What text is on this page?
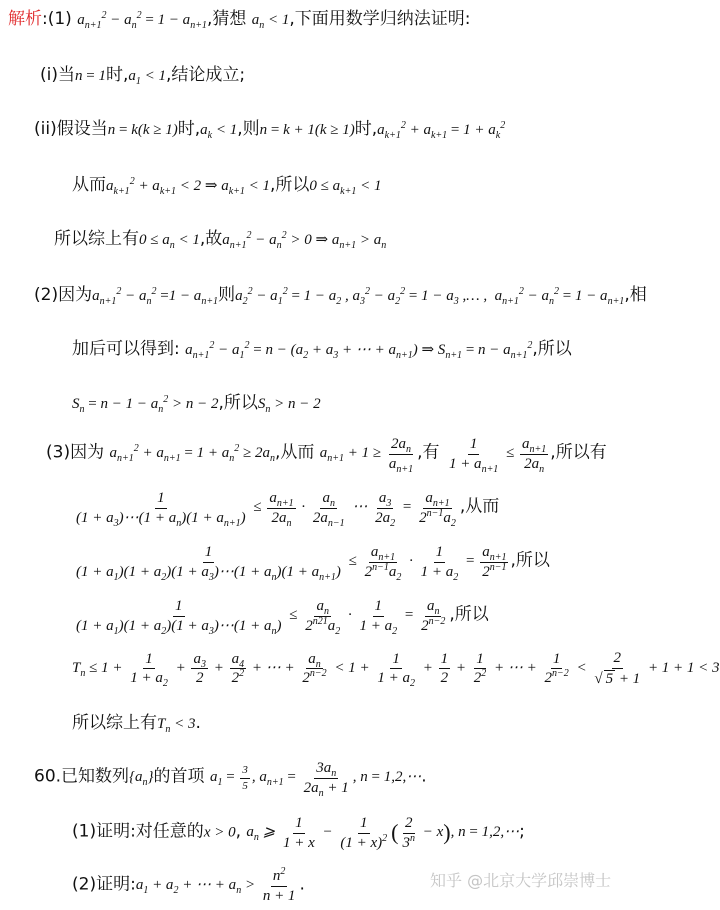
解析:(1) $a_{n+1}^2 - a_n^2 = 1 - a_{n+1}$,猜想 $a_n < 1$,下面用数学归纳法证明:
(i)当n = 1时$,a_1 < 1$,结论成立;
(ii)假设当n = k(k ≥ 1)时$,a_k < 1$,则n = k + 1(k ≥ 1)时$,a_{k+1}^2 + a_{k+1} = 1 + a_k^2$
从而$a_{k+1}^2 + a_{k+1} < 2$ ⇒ $a_{k+1} < 1$,所以$0 \le a_{k+1} < 1$
所以综上有$0 \le a_n < 1$,故$a_{n+1}^2 - a_n^2 > 0$ ⇒ $a_{n+1} > a_n$
(2)因为$a_{n+1}^2 - a_n^2 =1 - a_{n+1}$则$a_2^2 - a_1^2 = 1 - a_2$ , $a_3^2 - a_2^2 = 1 - a_3$ ,… ,  $a_{n+1}^2 - a_n^2 = 1 - a_{n+1}$,相
加后可以得到: $a_{n+1}^2 - a_1^2 = n - (a_2 + a_3$ + ⋯ + $a_{n+1}$) ⇒ $S_{n+1} = n - a_{n+1}^2$,所以
$S_n = n - 1 - a_n^2 > n - 2$,所以$S_n > n - 2$
(3)因为 $a_{n+1}^2 + a_{n+1} = 1 + a_n^2 \ge 2a_n$,从而 $a_{n+1} + 1 \ge \frac{2a_n}{a_{n+1}}$ ,有 $\frac{1}{1 + a_{n+1}} \le \frac{a_{n+1}}{2a_n}$ ,所以有
$\frac{1}{(1 + a_3)\cdots(1 + a_n)(1 + a_{n+1})} \le \frac{a_{n+1}}{2a_n} \cdot \frac{a_n}{2a_{n-1}}$ ⋯ $\frac{a_3}{2a_2} = \frac{a_{n+1}}{2^{n-1}a_2}$ ,从而
$\frac{1}{(1 + a_1)(1 + a_2)(1 + a_3)\cdots(1 + a_n)(1 + a_{n+1})} \le \frac{a_{n+1}}{2^{n-1}a_2} \cdot \frac{1}{1 + a_2} = \frac{a_{n+1}}{2^{n-1}}$ ,所以
$\frac{1}{(1 + a_1)(1 + a_2)(1 + a_3)\cdots(1 + a_n)} \le \frac{a_n}{2^{n21}a_2} \cdot \frac{1}{1 + a_2} = \frac{a_n}{2^{n-2}}$ ,所以
$T_n \le 1 + \frac{1}{1 + a_2} + \frac{a_3}{2} + \frac{a_4}{2^2}$ + ⋯ + $\frac{a_n}{2^{n-2}} < 1 + \frac{1}{1 + a_2} + \frac{1}{2} + \frac{1}{2^2}$ + ⋯ + $\frac{1}{2^{n-2}} < \frac{2}{√ 5 + 1} + 1 + 1 < 3$
所以综上有$T_n < 3$.
60.已知数列$\{a_n\}$的首项 $a_1 = \frac{3}{5}$ , $a_{n+1} = \frac{3a_n}{2a_n + 1}$ , n = 1,2,⋯.
(1)证明:对任意的x > 0, $a_n$ ⩾ $\frac{1}{1 + x} - \frac{1}{(1 + x)^2}$ ( $\frac{2}{3^n} - x$), n = 1,2,⋯;
(2)证明$:a_1 + a_2$ + ⋯ + $a_n > \frac{n^2}{n + 1}$ .	知乎 @北京大学邱崇博士
